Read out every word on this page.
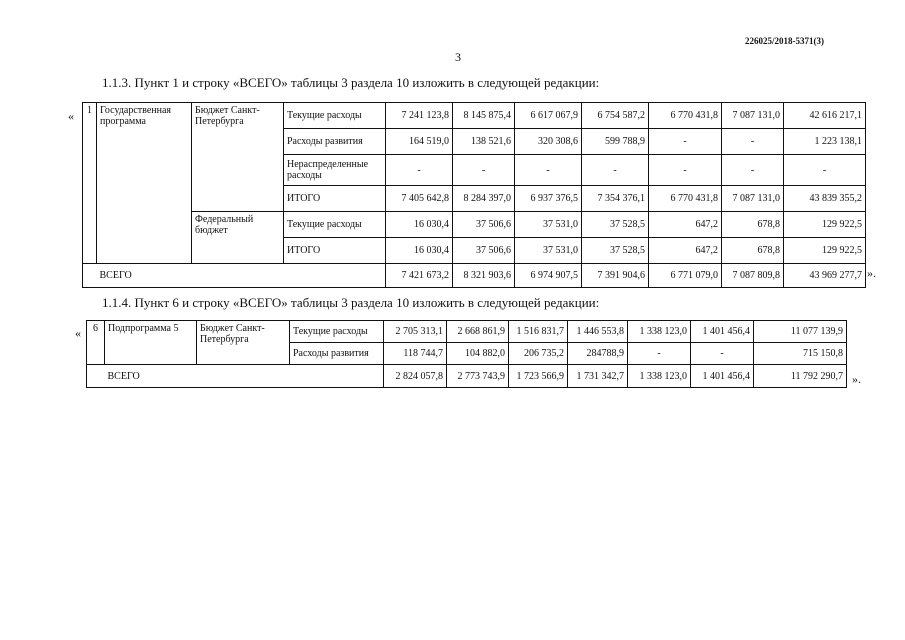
226025/2018-5371(3)
3
1.1.3. Пункт 1 и строку «ВСЕГО» таблицы 3 раздела 10 изложить в следующей редакции:
«
».
1	Государственная программа	Бюджет Санкт-Петербурга	Текущие расходы	7 241 123,8	8 145 875,4	6 617 067,9	6 754 587,2	6 770 431,8	7 087 131,0	42 616 217,1
			Расходы развития	164 519,0	138 521,6	320 308,6	599 788,9	-	-	1 223 138,1
			Нераспределенные расходы	-	-	-	-	-	-	-
			ИТОГО	7 405 642,8	8 284 397,0	6 937 376,5	7 354 376,1	6 770 431,8	7 087 131,0	43 839 355,2
		Федеральный бюджет	Текущие расходы	16 030,4	37 506,6	37 531,0	37 528,5	647,2	678,8	129 922,5
			ИТОГО	16 030,4	37 506,6	37 531,0	37 528,5	647,2	678,8	129 922,5
	ВСЕГО			7 421 673,2	8 321 903,6	6 974 907,5	7 391 904,6	6 771 079,0	7 087 809,8	43 969 277,7
1.1.4. Пункт 6 и строку «ВСЕГО» таблицы 3 раздела 10 изложить в следующей редакции:
«
».
6	Подпрограмма 5	Бюджет Санкт-Петербурга	Текущие расходы	2 705 313,1	2 668 861,9	1 516 831,7	1 446 553,8	1 338 123,0	1 401 456,4	11 077 139,9
			Расходы развития	118 744,7	104 882,0	206 735,2	284788,9	-	-	715 150,8
	ВСЕГО			2 824 057,8	2 773 743,9	1 723 566,9	1 731 342,7	1 338 123,0	1 401 456,4	11 792 290,7
